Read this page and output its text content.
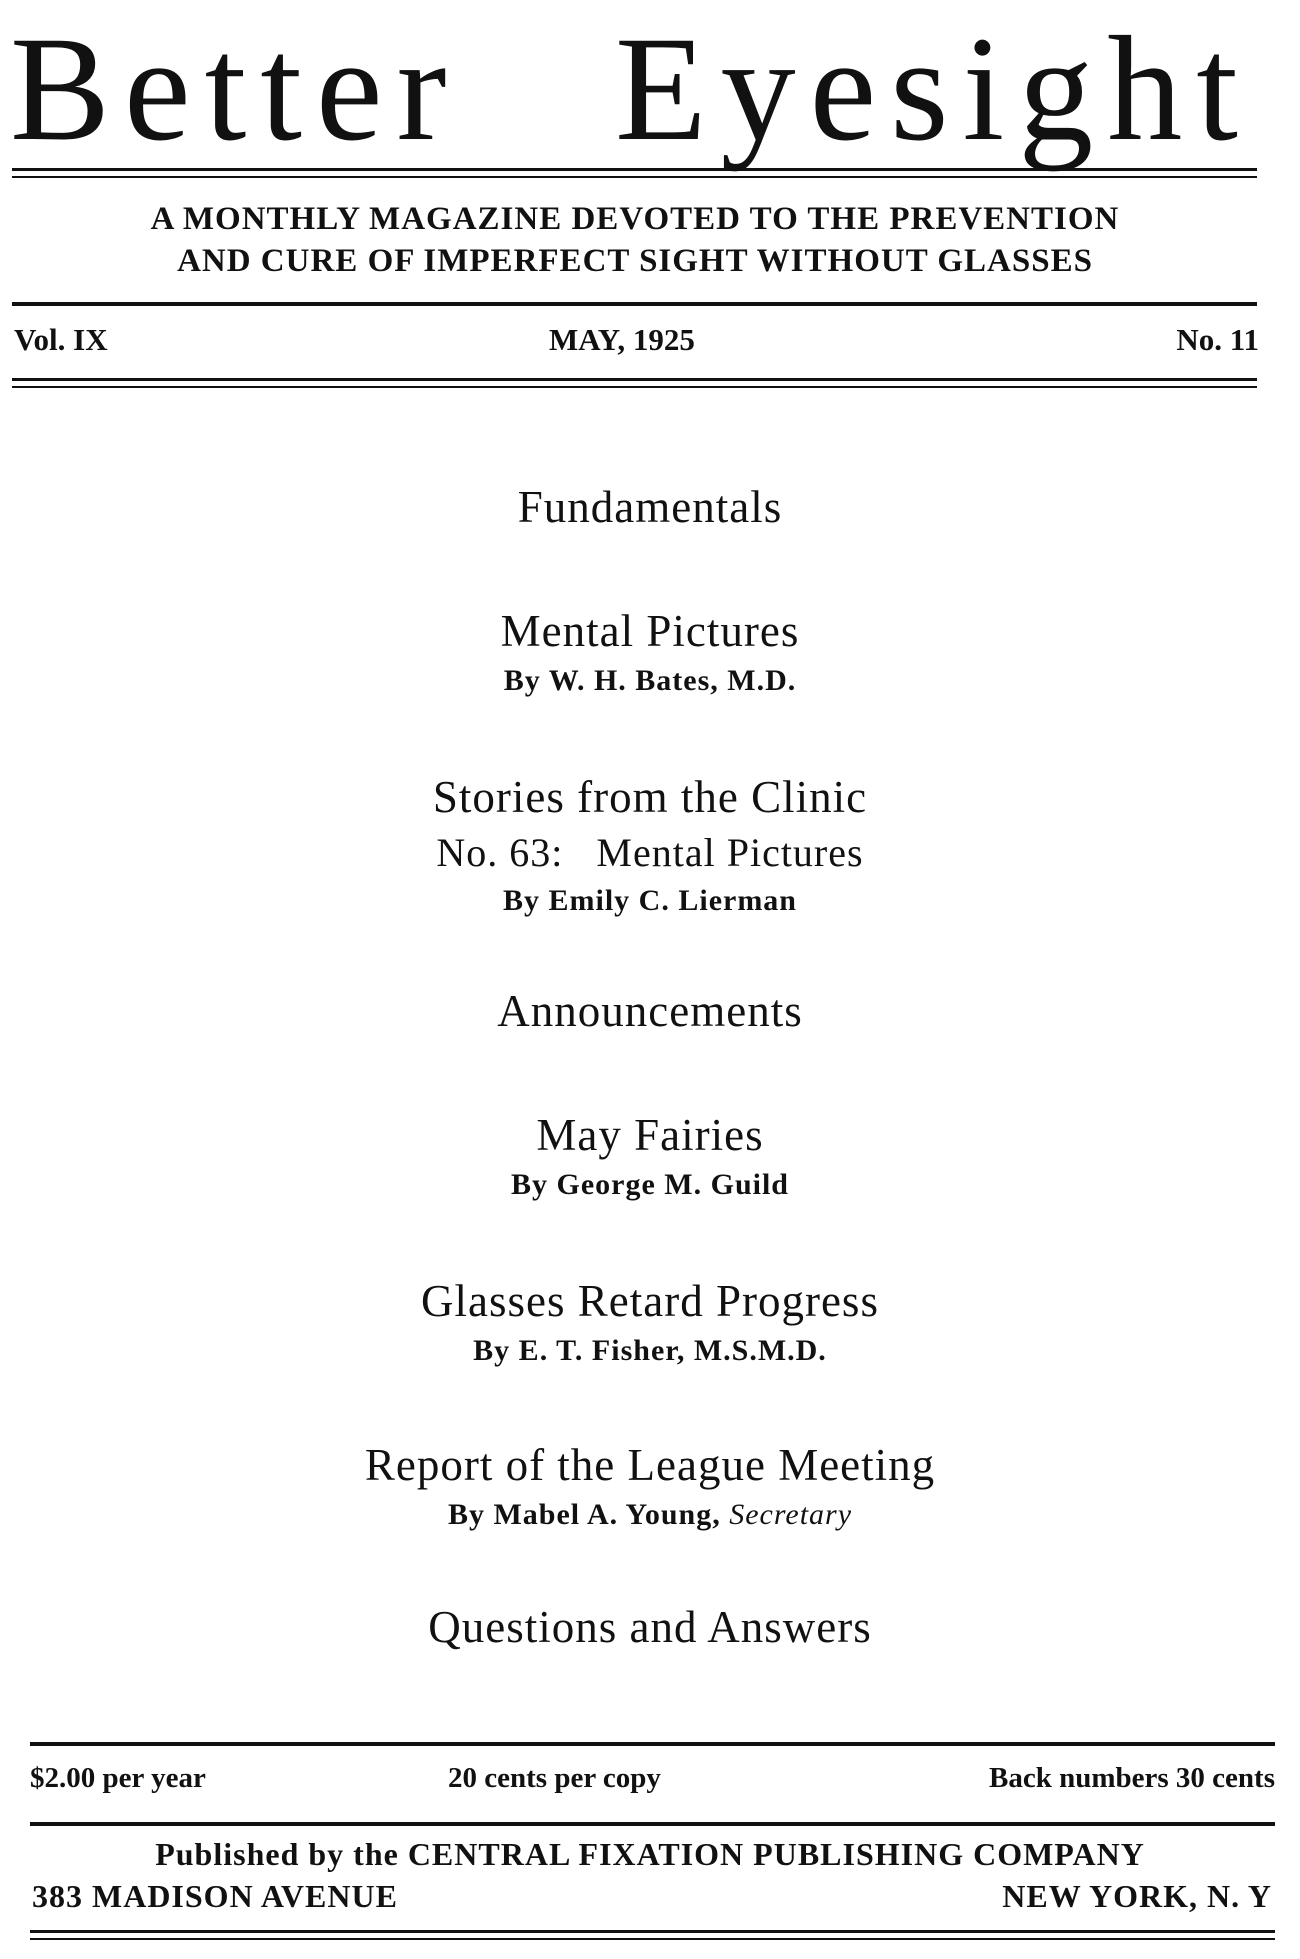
Better Eyesight
A MONTHLY MAGAZINE DEVOTED TO THE PREVENTION
AND CURE OF IMPERFECT SIGHT WITHOUT GLASSES
Vol. IX	MAY, 1925	No. 11
Fundamentals
Mental Pictures
By W. H. Bates, M.D.
Stories from the Clinic
No. 63:   Mental Pictures
By Emily C. Lierman
Announcements
May Fairies
By George M. Guild
Glasses Retard Progress
By E. T. Fisher, M.S.M.D.
Report of the League Meeting
By Mabel A. Young, Secretary
Questions and Answers
$2.00 per year	20 cents per copy	Back numbers 30 cents
Published by the CENTRAL FIXATION PUBLISHING COMPANY
383 MADISON AVENUE	NEW YORK, N. Y
